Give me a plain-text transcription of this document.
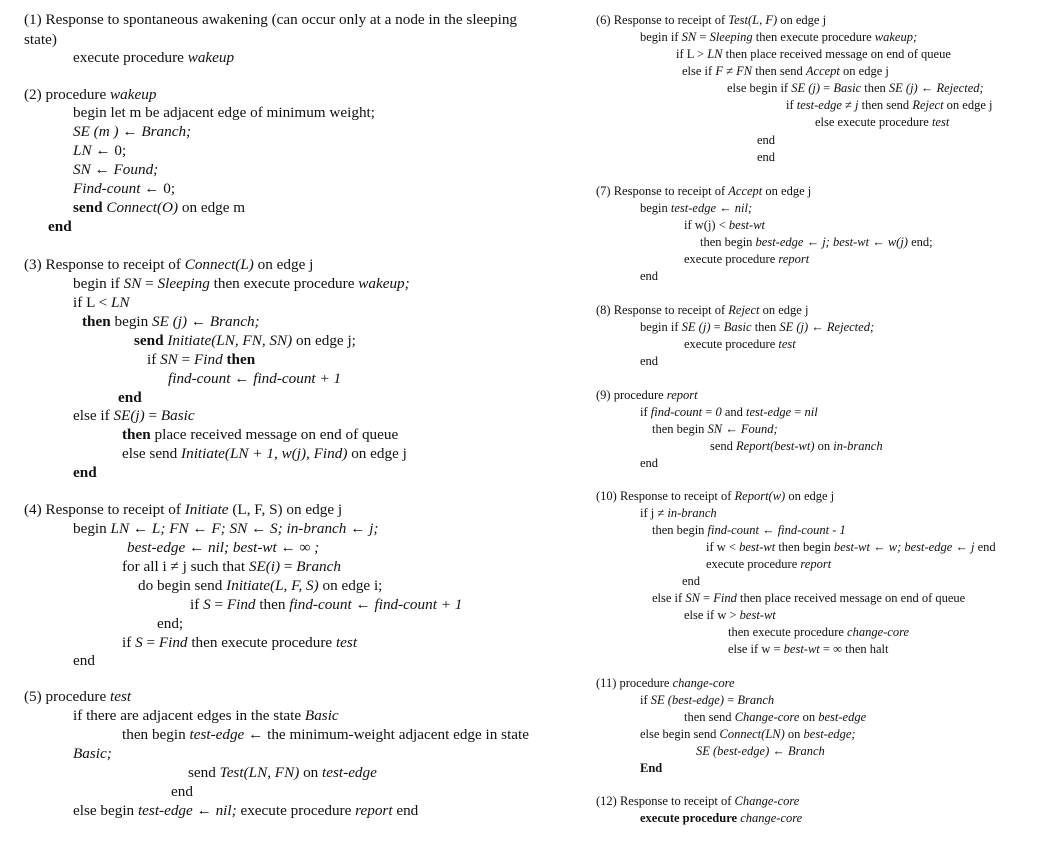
(1) Response to spontaneous awakening (can occur only at a node in the sleeping
state)
execute procedure wakeup
(2) procedure wakeup
begin let m be adjacent edge of minimum weight;
SE (m ) ← Branch;
LN ← 0;
SN ← Found;
Find-count ← 0;
send Connect(O) on edge m
end
(3) Response to receipt of Connect(L) on edge j
begin if SN = Sleeping then execute procedure wakeup;
if L < LN
then begin SE (j) ← Branch;
send Initiate(LN, FN, SN) on edge j;
if SN = Find then
find-count ← find-count + 1
end
else if SE(j) = Basic
then place received message on end of queue
else send Initiate(LN + 1, w(j), Find) on edge j
end
(4) Response to receipt of Initiate (L, F, S) on edge j
begin LN ← L; FN ← F; SN ← S; in-branch ← j;
best-edge ← nil; best-wt ← ∞ ;
for all i ≠ j such that SE(i) = Branch
do begin send Initiate(L, F, S) on edge i;
if S = Find then find-count ← find-count + 1
end;
if S = Find then execute procedure test
end
(5) procedure test
if there are adjacent edges in the state Basic
then begin test-edge ← the minimum-weight adjacent edge in state
Basic;
send Test(LN, FN) on test-edge
end
else begin test-edge ← nil; execute procedure report end
(6) Response to receipt of Test(L, F) on edge j
begin if SN = Sleeping then execute procedure wakeup;
if L > LN then place received message on end of queue
else if F ≠ FN then send Accept on edge j
else begin if SE (j) = Basic then SE (j) ← Rejected;
if test-edge ≠ j then send Reject on edge j
else execute procedure test
end
end
(7) Response to receipt of Accept on edge j
begin test-edge ← nil;
if w(j) < best-wt
then begin best-edge ← j; best-wt ← w(j) end;
execute procedure report
end
(8) Response to receipt of Reject on edge j
begin if SE (j) = Basic then SE (j) ← Rejected;
execute procedure test
end
(9) procedure report
if find-count = 0 and test-edge = nil
then begin SN ← Found;
send Report(best-wt) on in-branch
end
(10) Response to receipt of Report(w) on edge j
if j ≠ in-branch
then begin find-count ← find-count - 1
if w < best-wt then begin best-wt ← w; best-edge ← j end
execute procedure report
end
else if SN = Find then place received message on end of queue
else if w > best-wt
then execute procedure change-core
else if w = best-wt = ∞ then halt
(11) procedure change-core
if SE (best-edge) = Branch
then send Change-core on best-edge
else begin send Connect(LN) on best-edge;
SE (best-edge) ← Branch
End
(12) Response to receipt of Change-core
execute procedure change-core
